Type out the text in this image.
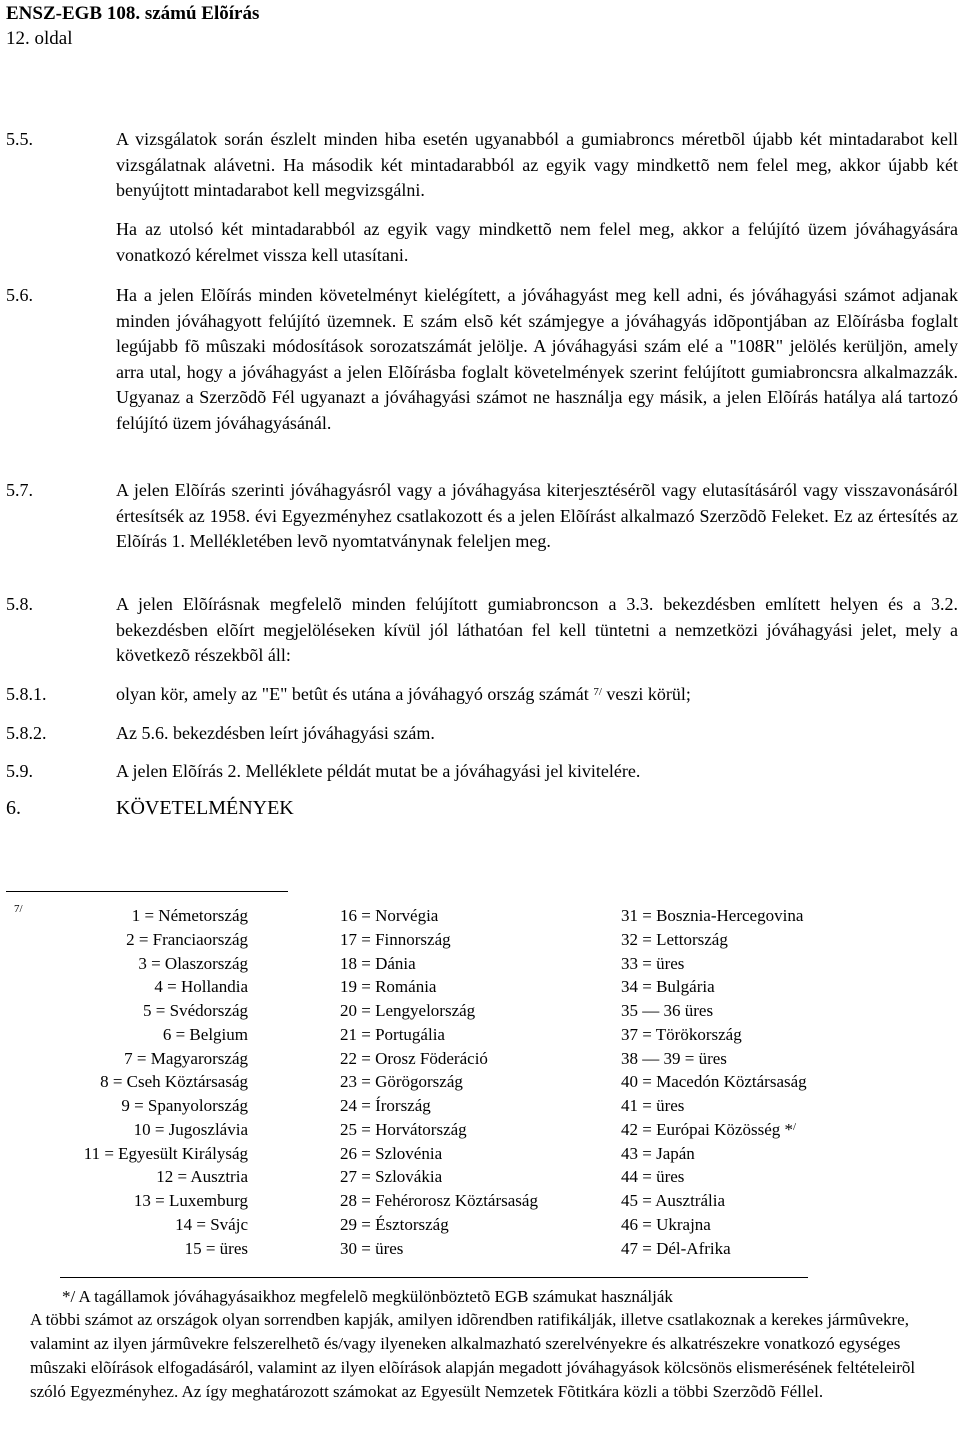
ENSZ-EGB 108. számú Elõírás
12. oldal
5.5.	A vizsgálatok során észlelt minden hiba esetén ugyanabból a gumiabroncs méretbõl újabb két mintadarabot kell vizsgálatnak alávetni. Ha második két mintadarabból az egyik vagy mindkettõ nem felel meg, akkor újabb két benyújtott mintadarabot kell megvizsgálni.
Ha az utolsó két mintadarabból az egyik vagy mindkettõ nem felel meg, akkor a felújító üzem jóváhagyására vonatkozó kérelmet vissza kell utasítani.
5.6.	Ha a jelen Elõírás minden követelményt kielégített, a jóváhagyást meg kell adni, és jóváhagyási számot adjanak minden jóváhagyott felújító üzemnek. E szám elsõ két számjegye a jóváhagyás idõpontjában az Elõírásba foglalt legújabb fõ mûszaki módosítások sorozatszámát jelölje. A jóváhagyási szám elé a "108R" jelölés kerüljön, amely arra utal, hogy a jóváhagyást a jelen Elõírásba foglalt követelmények szerint felújított gumiabroncsra alkalmazzák. Ugyanaz a Szerzõdõ Fél ugyanazt a jóváhagyási számot ne használja egy másik, a jelen Elõírás hatálya alá tartozó felújító üzem jóváhagyásánál.
5.7.	A jelen Elõírás szerinti jóváhagyásról vagy a jóváhagyása kiterjesztésérõl vagy elutasításáról vagy visszavonásáról értesítsék az 1958. évi Egyezményhez csatlakozott és a jelen Elõírást alkalmazó Szerzõdõ Feleket. Ez az értesítés az Elõírás 1. Mellékletében levõ nyomtatványnak feleljen meg.
5.8.	A jelen Elõírásnak megfelelõ minden felújított gumiabroncson a 3.3. bekezdésben említett helyen és a 3.2. bekezdésben elõírt megjelöléseken kívül jól láthatóan fel kell tüntetni a nemzetközi jóváhagyási jelet, mely a következõ részekbõl áll:
5.8.1.	olyan kör, amely az "E" betût és utána a jóváhagyó ország számát $^{7/}$ veszi körül;
5.8.2.	Az 5.6. bekezdésben leírt jóváhagyási szám.
5.9.	A jelen Elõírás 2. Melléklete példát mutat be a jóváhagyási jel kivitelére.
6.	KÖVETELMÉNYEK
7/	1 = Németország
2 = Franciaország
3 = Olaszország
4 = Hollandia
5 = Svédország
6 = Belgium
7 = Magyarország
8 = Cseh Köztársaság
9 = Spanyolország
10 = Jugoszlávia
11 = Egyesült Királyság
12 = Ausztria
13 = Luxemburg
14 = Svájc
15 = üres
16 = Norvégia
17 = Finnország
18 = Dánia
19 = Románia
20 = Lengyelország
21 = Portugália
22 = Orosz Föderáció
23 = Görögország
24 = Írország
25 = Horvátország
26 = Szlovénia
27 = Szlovákia
28 = Fehérorosz Köztársaság
29 = Észtország
30 = üres
31 = Bosznia-Hercegovina
32 = Lettország
33 = üres
34 = Bulgária
35 — 36 üres
37 = Törökország
38 — 39 = üres
40 = Macedón Köztársaság
41 = üres
42 = Európai Közösség */
43 = Japán
44 = üres
45 = Ausztrália
46 = Ukrajna
47 = Dél-Afrika
*/ A tagállamok jóváhagyásaikhoz megfelelõ megkülönböztetõ EGB számukat használják
A többi számot az országok olyan sorrendben kapják, amilyen idõrendben ratifikálják, illetve csatlakoznak a kerekes jármûvekre, valamint az ilyen jármûvekre felszerelhetõ és/vagy ilyeneken alkalmazható szerelvényekre és alkatrészekre vonatkozó egységes mûszaki elõírások elfogadásáról, valamint az ilyen elõírások alapján megadott jóváhagyások kölcsönös elismerésének feltételeirõl szóló Egyezményhez. Az így meghatározott számokat az Egyesült Nemzetek Fõtitkára közli a többi Szerzõdõ Féllel.
